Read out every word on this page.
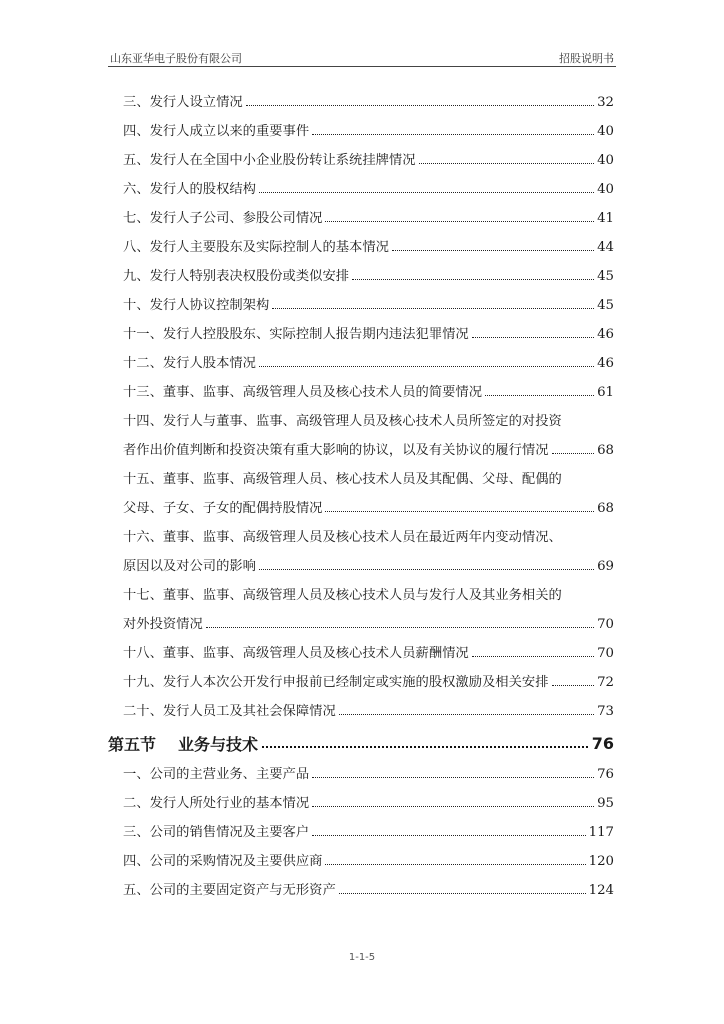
山东亚华电子股份有限公司	招股说明书
三、发行人设立情况	32
四、发行人成立以来的重要事件	40
五、发行人在全国中小企业股份转让系统挂牌情况	40
六、发行人的股权结构	40
七、发行人子公司、参股公司情况	41
八、发行人主要股东及实际控制人的基本情况	44
九、发行人特别表决权股份或类似安排	45
十、发行人协议控制架构	45
十一、发行人控股股东、实际控制人报告期内违法犯罪情况	46
十二、发行人股本情况	46
十三、董事、监事、高级管理人员及核心技术人员的简要情况	61
十四、发行人与董事、监事、高级管理人员及核心技术人员所签定的对投资
者作出价值判断和投资决策有重大影响的协议，以及有关协议的履行情况	68
十五、董事、监事、高级管理人员、核心技术人员及其配偶、父母、配偶的
父母、子女、子女的配偶持股情况	68
十六、董事、监事、高级管理人员及核心技术人员在最近两年内变动情况、
原因以及对公司的影响	69
十七、董事、监事、高级管理人员及核心技术人员与发行人及其业务相关的
对外投资情况	70
十八、董事、监事、高级管理人员及核心技术人员薪酬情况	70
十九、发行人本次公开发行申报前已经制定或实施的股权激励及相关安排	72
二十、发行人员工及其社会保障情况	73
第五节 业务与技术	76
一、公司的主营业务、主要产品	76
二、发行人所处行业的基本情况	95
三、公司的销售情况及主要客户	117
四、公司的采购情况及主要供应商	120
五、公司的主要固定资产与无形资产	124
1-1-5
